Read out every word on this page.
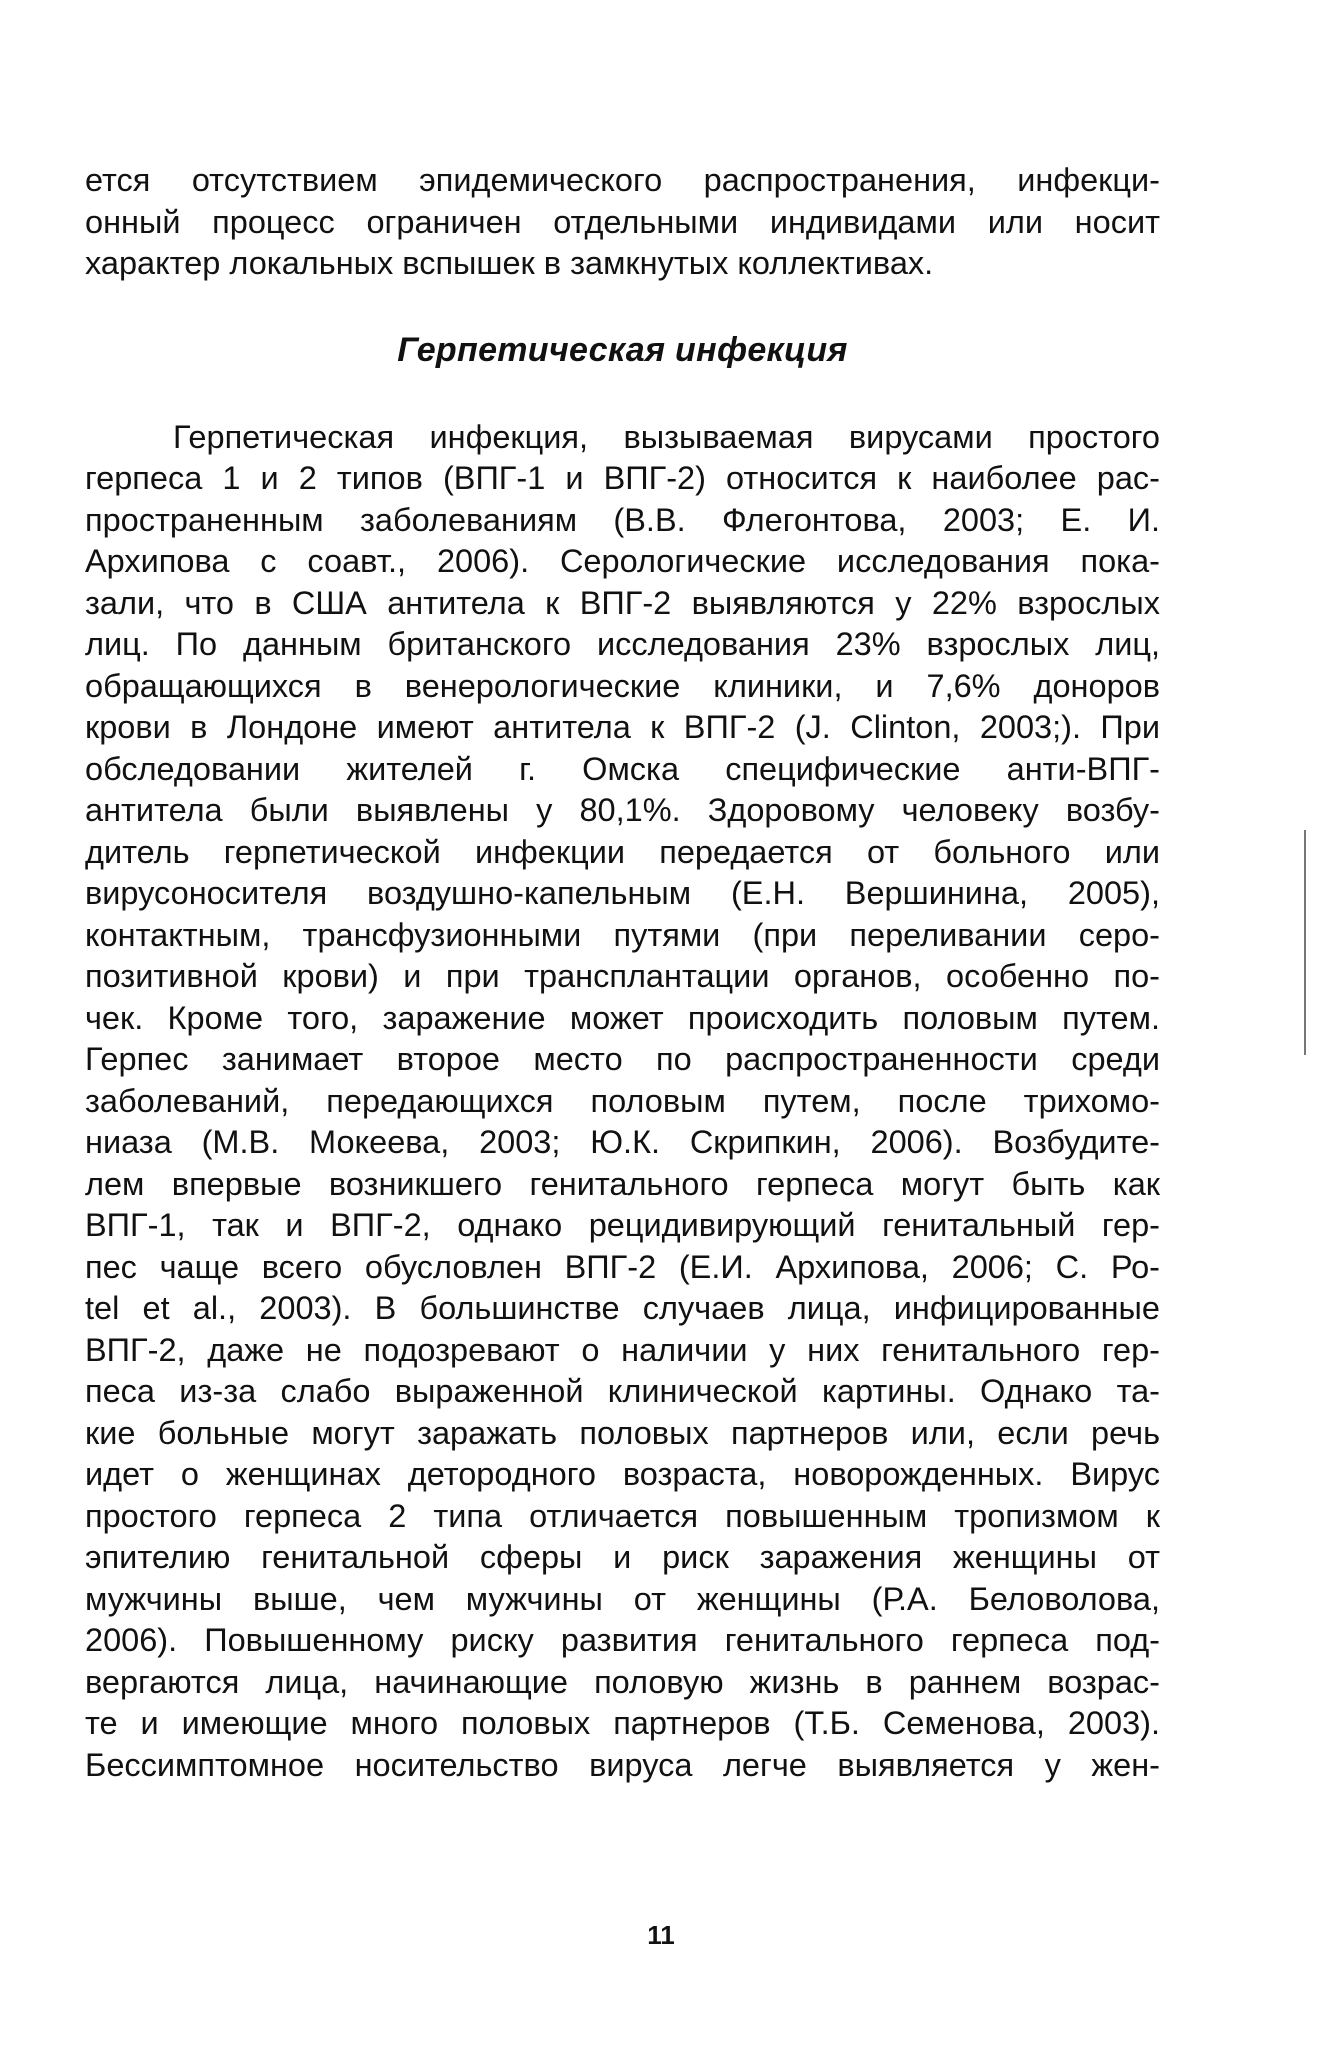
ется отсутствием эпидемического распространения, инфекци-
онный процесс ограничен отдельными индивидами или носит
характер локальных вспышек в замкнутых коллективах.
Герпетическая инфекция
Герпетическая инфекция, вызываемая вирусами простого
герпеса 1 и 2 типов (ВПГ-1 и ВПГ-2) относится к наиболее рас-
пространенным заболеваниям (В.В. Флегонтова, 2003; Е. И.
Архипова с соавт., 2006). Серологические исследования пока-
зали, что в США антитела к ВПГ-2 выявляются у 22% взрослых
лиц. По данным британского исследования 23% взрослых лиц,
обращающихся в венерологические клиники, и 7,6% доноров
крови в Лондоне имеют антитела к ВПГ-2 (J. Clinton, 2003;). При
обследовании жителей г. Омска специфические анти-ВПГ-
антитела были выявлены у 80,1%. Здоровому человеку возбу-
дитель герпетической инфекции передается от больного или
вирусоносителя воздушно-капельным (Е.Н. Вершинина, 2005),
контактным, трансфузионными путями (при переливании серо-
позитивной крови) и при трансплантации органов, особенно по-
чек. Кроме того, заражение может происходить половым путем.
Герпес занимает второе место по распространенности среди
заболеваний, передающихся половым путем, после трихомо-
ниаза (М.В. Мокеева, 2003; Ю.К. Скрипкин, 2006). Возбудите-
лем впервые возникшего генитального герпеса могут быть как
ВПГ-1, так и ВПГ-2, однако рецидивирующий генитальный гер-
пес чаще всего обусловлен ВПГ-2 (Е.И. Архипова, 2006; С. Ро-
tel et al., 2003). В большинстве случаев лица, инфицированные
ВПГ-2, даже не подозревают о наличии у них генитального гер-
песа из-за слабо выраженной клинической картины. Однако та-
кие больные могут заражать половых партнеров или, если речь
идет о женщинах детородного возраста, новорожденных. Вирус
простого герпеса 2 типа отличается повышенным тропизмом к
эпителию генитальной сферы и риск заражения женщины от
мужчины выше, чем мужчины от женщины (Р.А. Беловолова,
2006). Повышенному риску развития генитального герпеса под-
вергаются лица, начинающие половую жизнь в раннем возрас-
те и имеющие много половых партнеров (Т.Б. Семенова, 2003).
Бессимптомное носительство вируса легче выявляется у жен-
11
